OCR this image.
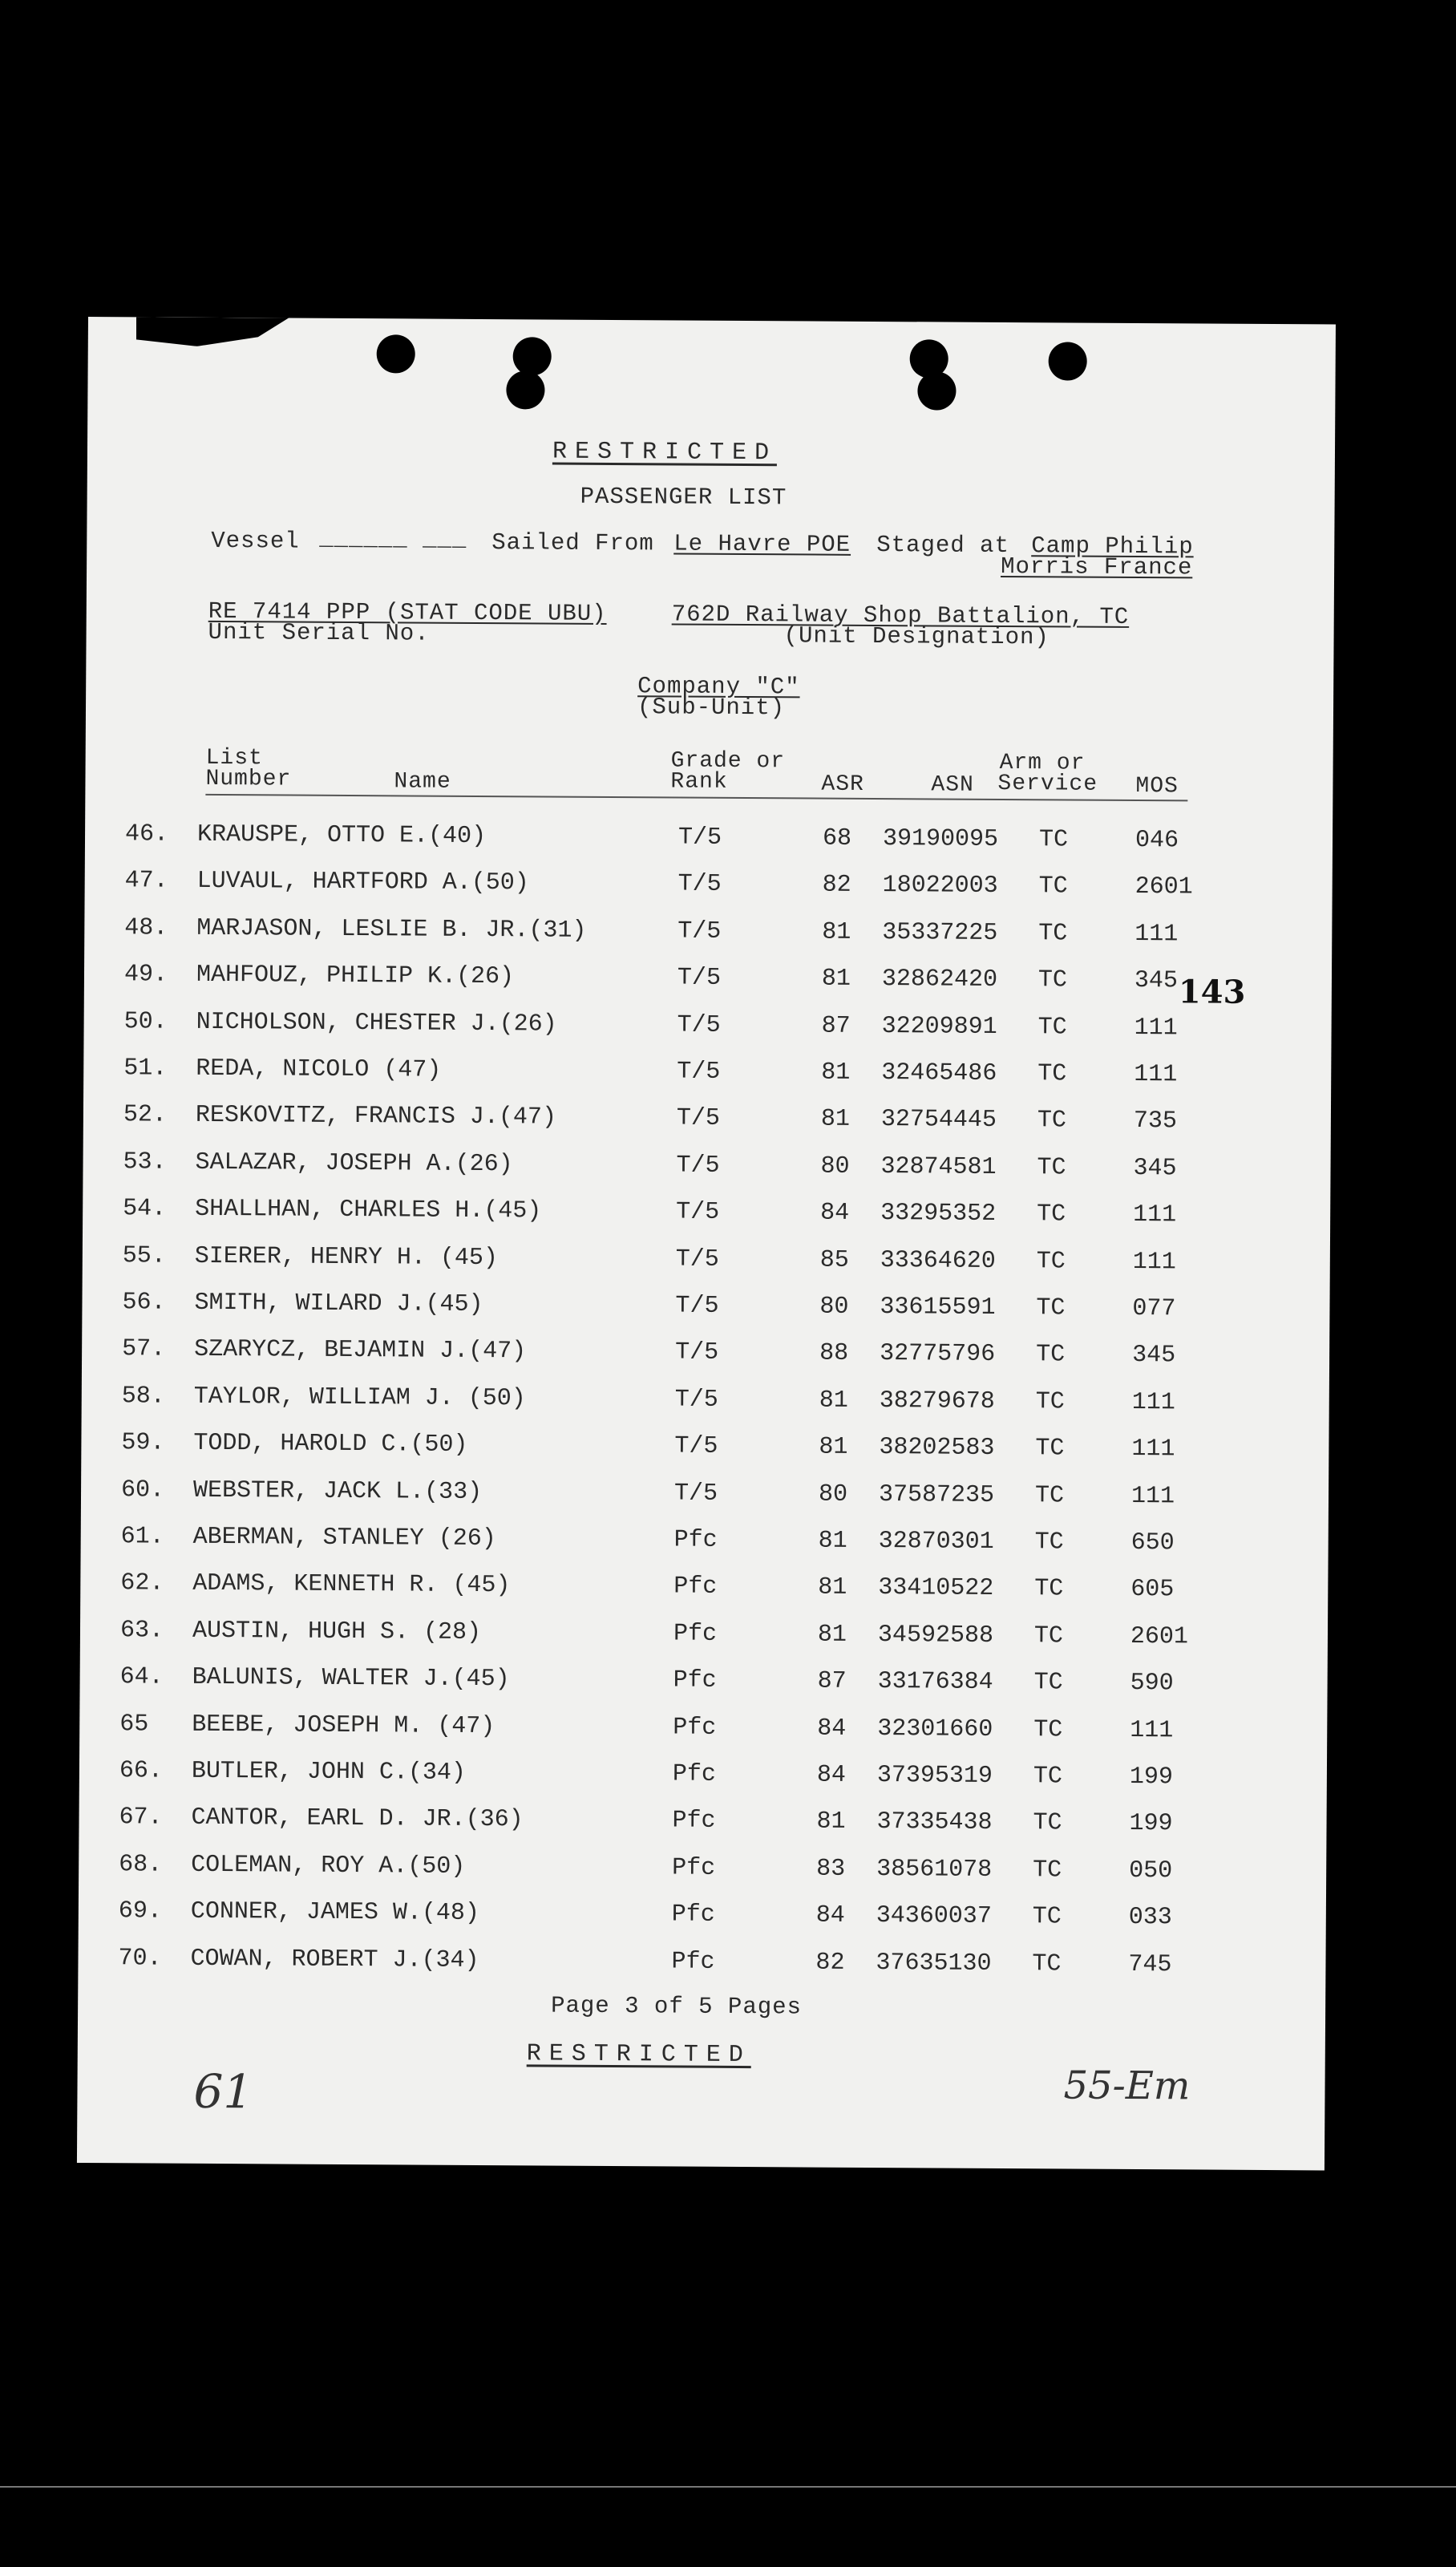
RESTRICTED
PASSENGER LIST
Vessel ______ ___ Sailed From Le Havre POE Staged at Camp Philip
Morris France
RE 7414 PPP (STAT CODE UBU)
Unit Serial No.
762D Railway Shop Battalion, TC
(Unit Designation)
Company "C"
(Sub-Unit)
List
Number	Name
Grade or
Rank	ASR	ASN
Arm or
Service MOS
46. KRAUSPE, OTTO E.(40)	T/5	68 39190095 TC	046
47. LUVAUL, HARTFORD A.(50)	T/5	82 18022003 TC	2601
48. MARJASON, LESLIE B. JR.(31)	T/5	81 35337225 TC	111
49. MAHFOUZ, PHILIP K.(26)	T/5	81 32862420 TC	345
50. NICHOLSON, CHESTER J.(26)	T/5	87 32209891 TC	111
51. REDA, NICOLO (47)	T/5	81 32465486 TC	111
52. RESKOVITZ, FRANCIS J.(47)	T/5	81 32754445 TC	735
53. SALAZAR, JOSEPH A.(26)	T/5	80 32874581 TC	345
54. SHALLHAN, CHARLES H.(45)	T/5	84 33295352 TC	111
55. SIERER, HENRY H. (45)	T/5	85 33364620 TC	111
56. SMITH, WILARD J.(45)	T/5	80 33615591 TC	077
57. SZARYCZ, BEJAMIN J.(47)	T/5	88 32775796 TC	345
58. TAYLOR, WILLIAM J. (50)	T/5	81 38279678 TC	111
59. TODD, HAROLD C.(50)	T/5	81 38202583 TC	111
60. WEBSTER, JACK L.(33)	T/5	80 37587235 TC	111
61. ABERMAN, STANLEY (26)	Pfc	81 32870301 TC	650
62. ADAMS, KENNETH R. (45)	Pfc	81 33410522 TC	605
63. AUSTIN, HUGH S. (28)	Pfc	81 34592588 TC	2601
64. BALUNIS, WALTER J.(45)	Pfc	87 33176384 TC	590
65 BEEBE, JOSEPH M. (47)	Pfc	84 32301660 TC	111
66. BUTLER, JOHN C.(34)	Pfc	84 37395319 TC	199
67. CANTOR, EARL D. JR.(36)	Pfc	81 37335438 TC	199
68. COLEMAN, ROY A.(50)	Pfc	83 38561078 TC	050
69. CONNER, JAMES W.(48)	Pfc	84 34360037 TC	033
70. COWAN, ROBERT J.(34)	Pfc	82 37635130 TC	745
143
Page 3 of 5 Pages
RESTRICTED
61	55-Em
